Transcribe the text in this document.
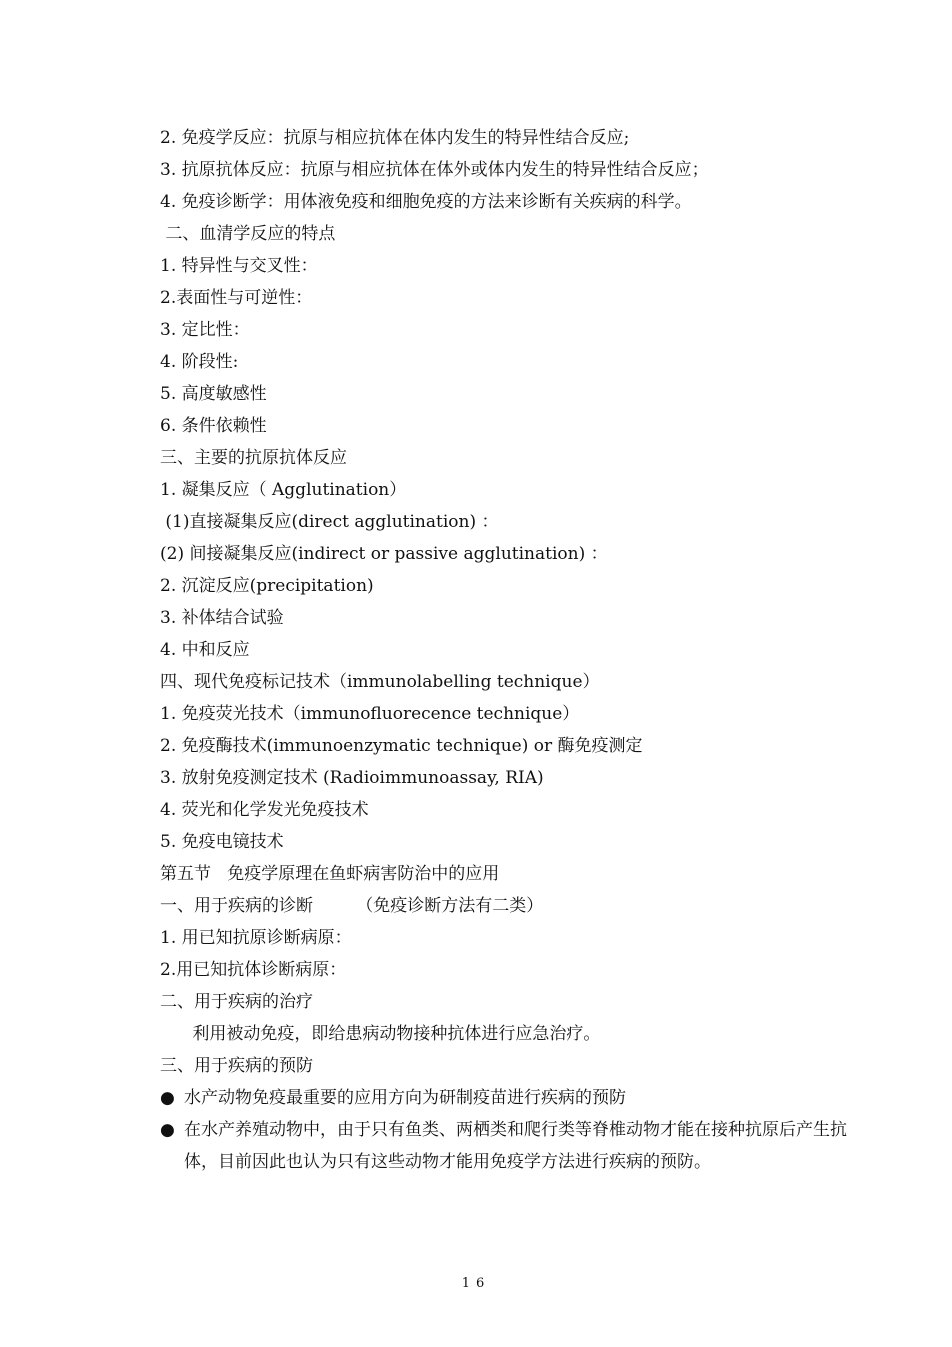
2. 免疫学反应：抗原与相应抗体在体内发生的特异性结合反应;
3. 抗原抗体反应：抗原与相应抗体在体外或体内发生的特异性结合反应；
4. 免疫诊断学：用体液免疫和细胞免疫的方法来诊断有关疾病的科学。
二、血清学反应的特点
1. 特异性与交叉性：
2.表面性与可逆性：
3. 定比性：
4. 阶段性:
5. 高度敏感性
6. 条件依赖性
三、主要的抗原抗体反应
1. 凝集反应（ Agglutination）
(1)直接凝集反应(direct agglutination) ：
(2) 间接凝集反应(indirect or passive agglutination) ：
2. 沉淀反应(precipitation)
3. 补体结合试验
4. 中和反应
四、现代免疫标记技术（immunolabelling technique）
1. 免疫荧光技术（immunofluorecence technique）
2. 免疫酶技术(immunoenzymatic technique) or 酶免疫测定
3. 放射免疫测定技术 (Radioimmunoassay, RIA)
4. 荧光和化学发光免疫技术
5. 免疫电镜技术
第五节   免疫学原理在鱼虾病害防治中的应用
一、用于疾病的诊断        （免疫诊断方法有二类）
1. 用已知抗原诊断病原：
2.用已知抗体诊断病原：
二、用于疾病的治疗
利用被动免疫，即给患病动物接种抗体进行应急治疗。
三、用于疾病的预防
● 水产动物免疫最重要的应用方向为研制疫苗进行疾病的预防
● 在水产养殖动物中，由于只有鱼类、两栖类和爬行类等脊椎动物才能在接种抗原后产生抗体，目前因此也认为只有这些动物才能用免疫学方法进行疾病的预防。
16
